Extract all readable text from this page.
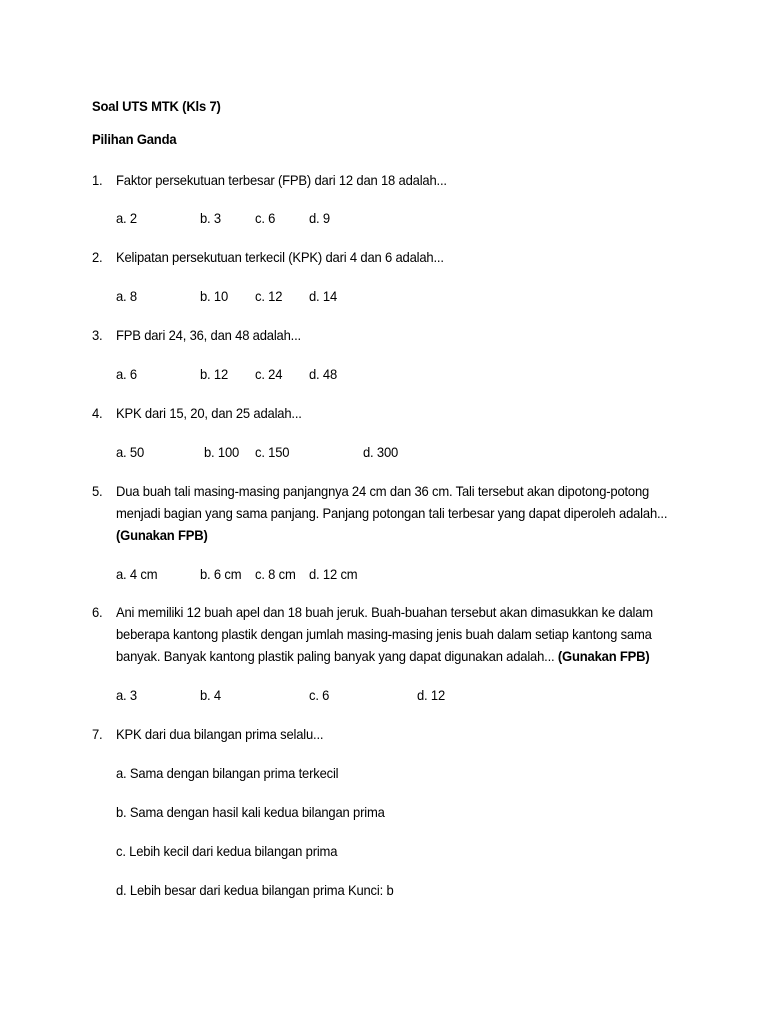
Soal UTS MTK (Kls 7)
Pilihan Ganda
1. Faktor persekutuan terbesar (FPB) dari 12 dan 18 adalah...
a. 2	b. 3 c. 6 d. 9
2. Kelipatan persekutuan terkecil (KPK) dari 4 dan 6 adalah...
a. 8	b. 10 c. 12 d. 14
3. FPB dari 24, 36, dan 48 adalah...
a. 6	b. 12 c. 24 d. 48
4. KPK dari 15, 20, dan 25 adalah...
a. 50	b. 100 c. 150	d. 300
5. Dua buah tali masing-masing panjangnya 24 cm dan 36 cm. Tali tersebut akan dipotong-potong
menjadi bagian yang sama panjang. Panjang potongan tali terbesar yang dapat diperoleh adalah...
(Gunakan FPB)
a. 4 cm	b. 6 cm c. 8 cm d. 12 cm
6. Ani memiliki 12 buah apel dan 18 buah jeruk. Buah-buahan tersebut akan dimasukkan ke dalam
beberapa kantong plastik dengan jumlah masing-masing jenis buah dalam setiap kantong sama
banyak. Banyak kantong plastik paling banyak yang dapat digunakan adalah... (Gunakan FPB)
a. 3	b. 4	c. 6	d. 12
7. KPK dari dua bilangan prima selalu...
a. Sama dengan bilangan prima terkecil
b. Sama dengan hasil kali kedua bilangan prima
c. Lebih kecil dari kedua bilangan prima
d. Lebih besar dari kedua bilangan prima Kunci: b
